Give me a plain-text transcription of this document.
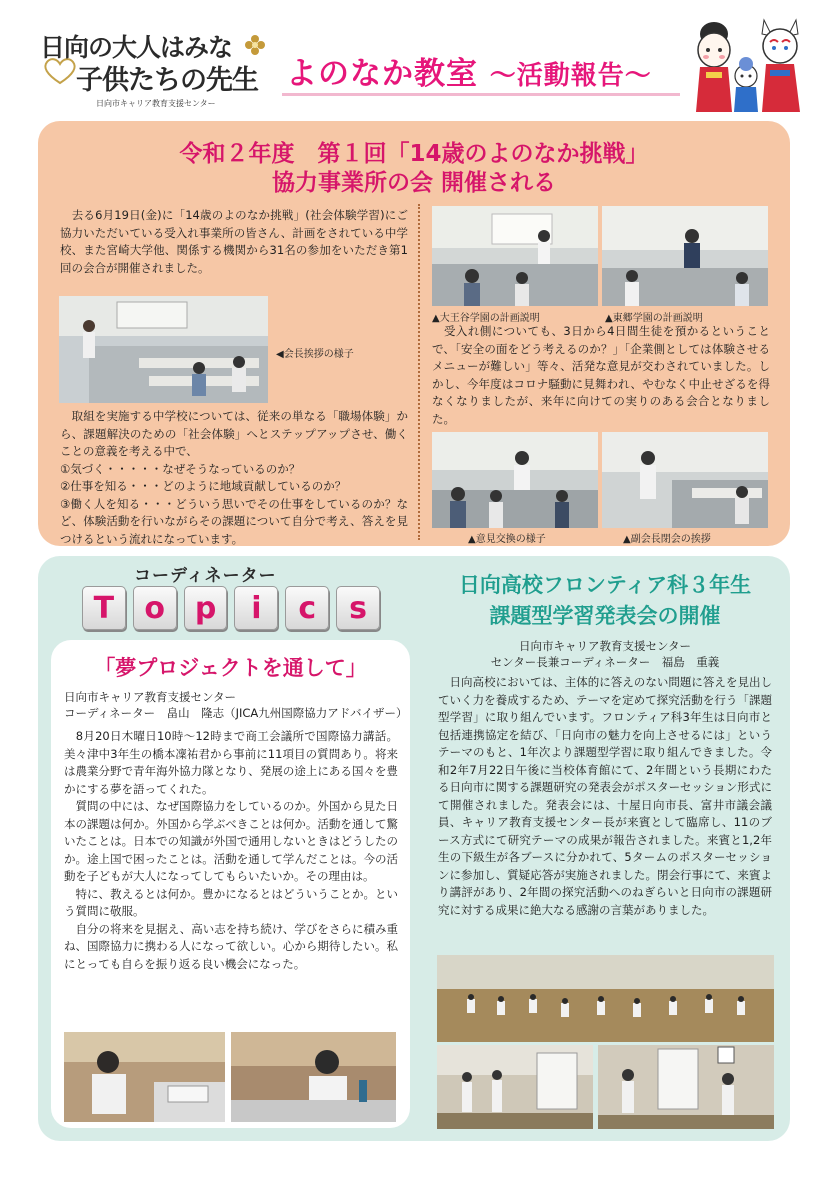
日向の大人はみな
子供たちの先生
日向市キャリア教育支援センター
よのなか教室 ～活動報告～
令和２年度　第１回「14歳のよのなか挑戦」
協力事業所の会 開催される
　去る6月19日(金)に「14歳のよのなか挑戦」(社会体験学習)にご協力いただいている受入れ事業所の皆さん、計画をされている中学校、また宮崎大学他、関係する機関から31名の参加をいただき第1回の会合が開催されました。
◀会長挨拶の様子
　取組を実施する中学校については、従来の単なる「職場体験」から、課題解決のための「社会体験」へとステップアップさせ、働くことの意義を考える中で、
①気づく・・・・・なぜそうなっているのか？
②仕事を知る・・・どのように地域貢献しているのか？
③働く人を知る・・・どういう思いでその仕事をしているのか？など、体験活動を行いながらその課題について自分で考え、答えを見つけるという流れになっています。
▲大王谷学園の計画説明	▲東郷学園の計画説明
　受入れ側についても、3日から4日間生徒を預かるということで、「安全の面をどう考えるのか？」「企業側としては体験させるメニューが難しい」等々、活発な意見が交わされていました。しかし、今年度はコロナ騒動に見舞われ、やむなく中止せざるを得なくなりましたが、来年に向けての実りのある会合となりました。
▲意見交換の様子	▲副会長閉会の挨拶
コーディネーター
T	o p	i	c	s
「夢プロジェクトを通して」
日向市キャリア教育支援センター
コーディネーター　畠山　隆志（JICA九州国際協力アドバイザー）
　8月20日木曜日10時～12時まで商工会議所で国際協力講話。美々津中3年生の橋本凜祐君から事前に11項目の質問あり。将来は農業分野で青年海外協力隊となり、発展の途上にある国々を豊かにする夢を語ってくれた。
　質問の中には、なぜ国際協力をしているのか。外国から見た日本の課題は何か。外国から学ぶべきことは何か。活動を通して驚いたことは。日本での知識が外国で通用しないときはどうしたのか。途上国で困ったことは。活動を通して学んだことは。今の活動を子どもが大人になってしてもらいたいか。その理由は。
　特に、教えるとは何か。豊かになるとはどういうことか。という質問に敬服。
　自分の将来を見据え、高い志を持ち続け、学びをさらに積み重ね、国際協力に携わる人になって欲しい。心から期待したい。私にとっても自らを振り返る良い機会になった。
日向高校フロンティア科３年生
課題型学習発表会の開催
日向市キャリア教育支援センター
センター長兼コーディネーター　福島　重義
　日向高校においては、主体的に答えのない問題に答えを見出していく力を養成するため、テーマを定めて探究活動を行う「課題型学習」に取り組んでいます。フロンティア科3年生は日向市と包括連携協定を結び、「日向市の魅力を向上させるには」というテーマのもと、1年次より課題型学習に取り組んできました。令和2年7月22日午後に当校体育館にて、2年間という長期にわたる日向市に関する課題研究の発表会がポスターセッション形式にて開催されました。発表会には、十屋日向市長、富井市議会議員、キャリア教育支援センター長が来賓として臨席し、11のブース方式にて研究テーマの成果が報告されました。来賓と1,2年生の下級生が各ブースに分かれて、5タームのポスターセッションに参加し、質疑応答が実施されました。閉会行事にて、来賓より講評があり、2年間の探究活動へのねぎらいと日向市の課題研究に対する成果に絶大なる感謝の言葉がありました。
